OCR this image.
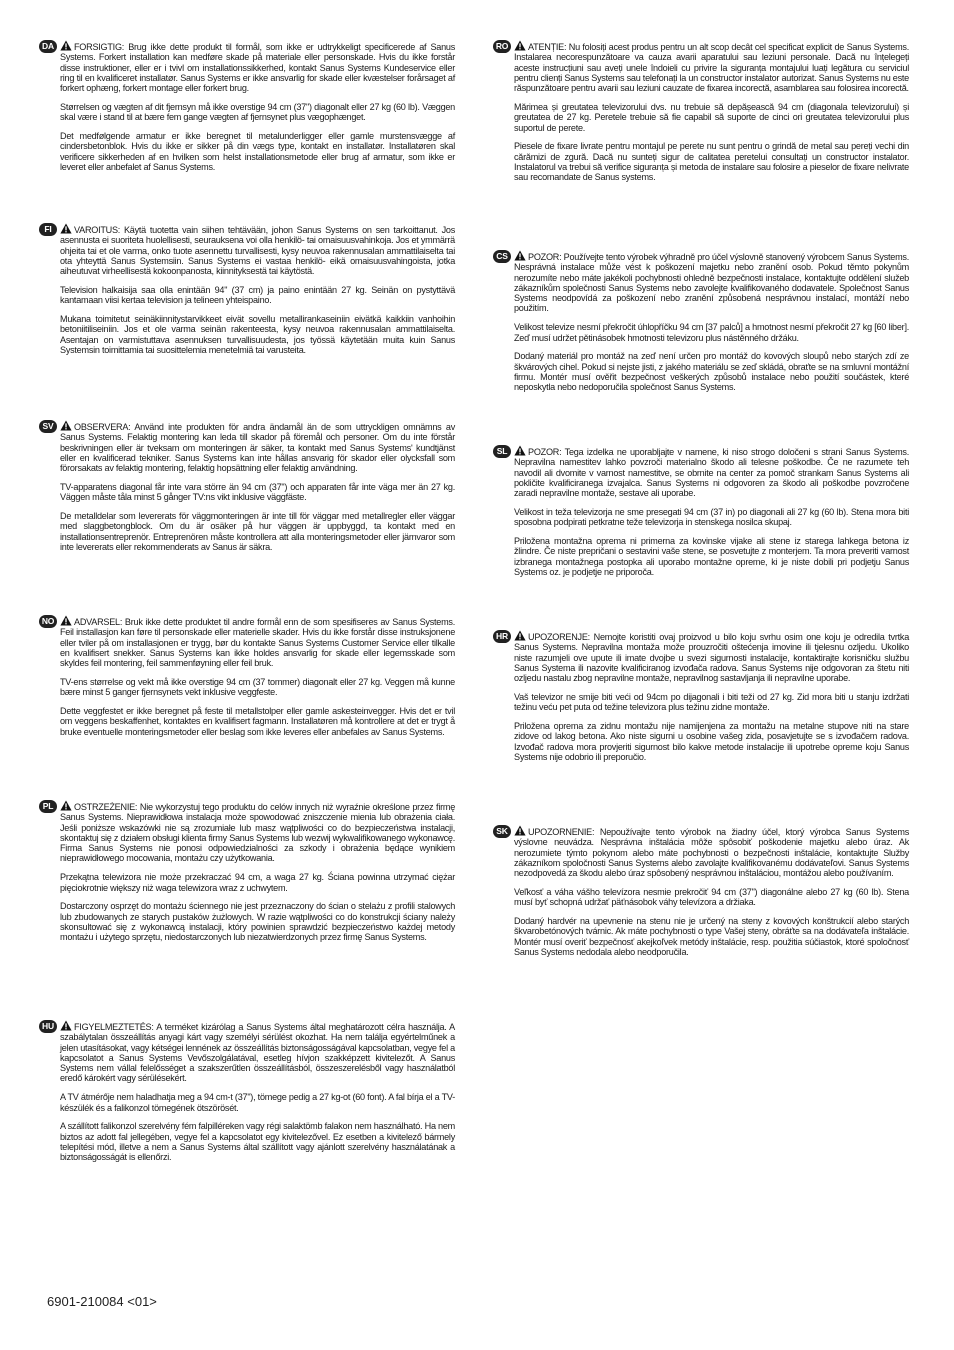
DA	FORSIGTIG: Brug ikke dette produkt til formål, som ikke er udtrykkeligt specificerede af Sanus Systems. Forkert installation kan medføre skade på materiale eller personskade. Hvis du ikke forstår disse instruktioner, eller er i tvivl om installationssikkerhed, kontakt Sanus Systems Kundeservice eller ring til en kvalificeret installatør. Sanus Systems er ikke ansvarlig for skade eller kvæstelser forårsaget af forkert ophæng, forkert montage eller forkert brug.

Størrelsen og vægten af dit fjernsyn må ikke overstige 94 cm (37") diagonalt eller 27 kg (60 lb). Væggen skal være i stand til at bære fem gange vægten af fjernsynet plus vægophænget.

Det medfølgende armatur er ikke beregnet til metalunderligger eller gamle murstensvægge af cindersbetonblok. Hvis du ikke er sikker på din vægs type, kontakt en installatør. Installatøren skal verificere sikkerheden af en hvilken som helst installationsmetode eller brug af armatur, som ikke er leveret eller anbefalet af Sanus Systems.

FI	VAROITUS: Käytä tuotetta vain siihen tehtävään, johon Sanus Systems on sen tarkoittanut. Jos asennusta ei suoriteta huolellisesti, seurauksena voi olla henkilö- tai omaisuusvahinkoja. Jos et ymmärrä ohjeita tai et ole varma, onko tuote asennettu turvallisesti, kysy neuvoa rakennusalan ammattilaiselta tai ota yhteyttä Sanus Systemsiin. Sanus Systems ei vastaa henkilö- eikä omaisuusvahingoista, jotka aiheutuvat virheellisestä kokoonpanosta, kiinnityksestä tai käytöstä.

Television halkaisija saa olla enintään 94" (37 cm) ja paino enintään 27 kg. Seinän on pystyttävä kantamaan viisi kertaa television ja telineen yhteispaino.

Mukana toimitetut seinäkiinnitystarvikkeet eivät sovellu metallirankaseiniin eivätkä kaikkiin vanhoihin betoniitiliseiniin. Jos et ole varma seinän rakenteesta, kysy neuvoa rakennusalan ammattilaiselta. Asentajan on varmistuttava asennuksen turvallisuudesta, jos työssä käytetään muita kuin Sanus Systemsin toimittamia tai suosittelemia menetelmiä tai varusteita.

SV	OBSERVERA: Använd inte produkten för andra ändamål än de som uttryckligen omnämns av Sanus Systems. Felaktig montering kan leda till skador på föremål och personer. Om du inte förstår beskrivningen eller är tveksam om monteringen är säker, ta kontakt med Sanus Systems' kundtjänst eller en kvalificerad tekniker. Sanus Systems kan inte hållas ansvarig för skador eller olycksfall som förorsakats av felaktig montering, felaktig hopsättning eller felaktig användning.

TV-apparatens diagonal får inte vara större än 94 cm (37") och apparaten får inte väga mer än 27 kg. Väggen måste tåla minst 5 gånger TV:ns vikt inklusive väggfäste.

De metalldelar som levererats för väggmonteringen är inte till för väggar med metallregler eller väggar med slaggbetongblock. Om du är osäker på hur väggen är uppbyggd, ta kontakt med en installationsentreprenör. Entreprenören måste kontrollera att alla monteringsmetoder eller järnvaror som inte levererats eller rekommenderats av Sanus är säkra.

NO	ADVARSEL: Bruk ikke dette produktet til andre formål enn de som spesifiseres av Sanus Systems. Feil installasjon kan føre til personskade eller materielle skader. Hvis du ikke forstår disse instruksjonene eller tviler på om installasjonen er trygg, bør du kontakte Sanus Systems Customer Service eller tilkalle en kvalifisert snekker. Sanus Systems kan ikke holdes ansvarlig for skade eller legemsskade som skyldes feil montering, feil sammenføyning eller feil bruk.

TV-ens størrelse og vekt må ikke overstige 94 cm (37 tommer) diagonalt eller 27 kg. Veggen må kunne bære minst 5 ganger fjernsynets vekt inklusive veggfeste.

Dette veggfestet er ikke beregnet på feste til metallstolper eller gamle askesteinvegger. Hvis det er tvil om veggens beskaffenhet, kontaktes en kvalifisert fagmann. Installatøren må kontrollere at det er trygt å bruke eventuelle monteringsmetoder eller beslag som ikke leveres eller anbefales av Sanus Systems.

PL	OSTRZEŻENIE: Nie wykorzystuj tego produktu do celów innych niż wyraźnie określone przez firmę Sanus Systems. Nieprawidłowa instalacja może spowodować zniszczenie mienia lub obrażenia ciała. Jeśli poniższe wskazówki nie są zrozumiałe lub masz wątpliwości co do bezpieczeństwa instalacji, skontaktuj się z działem obsługi klienta firmy Sanus Systems lub wezwij wykwalifikowanego wykonawcę. Firma Sanus Systems nie ponosi odpowiedzialności za szkody i obrażenia będące wynikiem nieprawidłowego mocowania, montażu czy użytkowania.

Przekątna telewizora nie może przekraczać 94 cm, a waga 27 kg. Ściana powinna utrzymać ciężar pięciokrotnie większy niż waga telewizora wraz z uchwytem.

Dostarczony osprzęt do montażu ściennego nie jest przeznaczony do ścian o stelażu z profili stalowych lub zbudowanych ze starych pustaków żużlowych. W razie wątpliwości co do konstrukcji ściany należy skonsultować się z wykonawcą instalacji, który powinien sprawdzić bezpieczeństwo każdej metody montażu i użytego sprzętu, niedostarczonych lub niezatwierdzonych przez firmę Sanus Systems.

HU	FIGYELMEZTETÉS: A terméket kizárólag a Sanus Systems által meghatározott célra használja. A szabálytalan összeállítás anyagi kárt vagy személyi sérülést okozhat. Ha nem találja egyértelműnek a jelen utasításokat, vagy kétségei lennének az összeállítás biztonságosságával kapcsolatban, vegye fel a kapcsolatot a Sanus Systems Vevőszolgálatával, esetleg hívjon szakképzett kivitelezőt. A Sanus Systems nem vállal felelősséget a szakszerűtlen összeállításból, összeszerelésből vagy használatból eredő károkért vagy sérülésekért.

A TV átmérője nem haladhatja meg a 94 cm-t (37"), tömege pedig a 27 kg-ot (60 font). A fal bírja el a TV-készülék és a falikonzol tömegének ötszörösét.

A szállított falikonzol szerelvény fém falpilléreken vagy régi salaktömb falakon nem használható. Ha nem biztos az adott fal jellegében, vegye fel a kapcsolatot egy kivitelezővel. Ez esetben a kivitelező bármely telepítési mód, illetve a nem a Sanus Systems által szállított vagy ajánlott szerelvény használatának a biztonságosságát is ellenőrzi.

RO	ATENȚIE: Nu folosiți acest produs pentru un alt scop decât cel specificat explicit de Sanus Systems. Instalarea necorespunzătoare va cauza avarii aparatului sau leziuni personale. Dacă nu înțelegeți aceste instrucțiuni sau aveți unele îndoieli cu privire la siguranța montajului luați legătura cu serviciul pentru clienți Sanus Systems sau telefonați la un constructor instalator autorizat. Sanus Systems nu este răspunzătoare pentru avarii sau leziuni cauzate de fixarea incorectă, asamblarea sau folosirea incorectă.

Mărimea și greutatea televizorului dvs. nu trebuie să depășească 94 cm (diagonala televizorului) și greutatea de 27 kg. Peretele trebuie să fie capabil să suporte de cinci ori greutatea televizorului plus suportul de perete.

Piesele de fixare livrate pentru montajul pe perete nu sunt pentru o grindă de metal sau pereți vechi din cărămizi de zgură. Dacă nu sunteți sigur de calitatea peretelui consultați un constructor instalator. Instalatorul va trebui să verifice siguranța și metoda de instalare sau folosire a pieselor de fixare nelivrate sau recomandate de Sanus systems.

CS	POZOR: Používejte tento výrobek výhradně pro účel výslovně stanovený výrobcem Sanus Systems. Nesprávná instalace může vést k poškození majetku nebo zranění osob. Pokud těmto pokynům nerozumíte nebo máte jakékoli pochybnosti ohledně bezpečnosti instalace, kontaktujte oddělení služeb zákazníkům společnosti Sanus Systems nebo zavolejte kvalifikovaného dodavatele. Společnost Sanus Systems neodpovídá za poškození nebo zranění způsobená nesprávnou instalací, montáží nebo použitím.

Velikost televize nesmí překročit úhlopříčku 94 cm [37 palců] a hmotnost nesmí překročit 27 kg [60 liber]. Zeď musí udržet pětinásobek hmotnosti televizoru plus nástěnného držáku.

Dodaný materiál pro montáž na zeď není určen pro montáž do kovových sloupů nebo starých zdí ze škvárových cihel. Pokud si nejste jisti, z jakého materiálu se zeď skládá, obraťte se na smluvní montážní firmu. Montér musí ověřit bezpečnost veškerých způsobů instalace nebo použití součástek, které neposkytla nebo nedoporučila společnost Sanus Systems.

SL	POZOR: Tega izdelka ne uporabljajte v namene, ki niso strogo določeni s strani Sanus Systems. Nepravilna namestitev lahko povzroči materialno škodo ali telesne poškodbe. Če ne razumete teh navodil ali dvomite v varnost namestitve, se obrnite na center za pomoč strankam Sanus Systems ali pokličite kvalificiranega izvajalca. Sanus Systems ni odgovoren za škodo ali poškodbe povzročene zaradi nepravilne montaže, sestave ali uporabe.

Velikost in teža televizorja ne sme presegati 94 cm (37 in) po diagonali ali 27 kg (60 lb). Stena mora biti sposobna podpirati petkratne teže televizorja in stenskega nosilca skupaj.

Priložena montažna oprema ni primerna za kovinske vijake ali stene iz starega lahkega betona iz žlindre. Če niste prepričani o sestavini vaše stene, se posvetujte z monterjem. Ta mora preveriti varnost izbranega montažnega postopka ali uporabo montažne opreme, ki je niste dobili pri podjetju Sanus Systems oz. je podjetje ne priporoča.

HR	UPOZORENJE: Nemojte koristiti ovaj proizvod u bilo koju svrhu osim one koju je odredila tvrtka Sanus Systems. Nepravilna montaža može prouzročiti oštećenja imovine ili tjelesnu ozljedu. Ukoliko niste razumjeli ove upute ili imate dvojbe u svezi sigurnosti instalacije, kontaktirajte korisničku službu Sanus Systema ili nazovite kvalificiranog izvođača radova. Sanus Systems nije odgovoran za štetu niti ozljedu nastalu zbog nepravilne montaže, nepravilnog sastavljanja ili nepravilne uporabe.

Vaš televizor ne smije biti veći od 94cm po dijagonali i biti teži od 27 kg. Zid mora biti u stanju izdržati težinu veću pet puta od težine televizora plus težinu zidne montaže.

Priložena oprema za zidnu montažu nije namijenjena za montažu na metalne stupove niti na stare zidove od lakog betona. Ako niste sigurni u osobine vašeg zida, posavjetujte se s izvođačem radova. Izvođač radova mora provjeriti sigurnost bilo kakve metode instalacije ili upotrebe opreme koju Sanus Systems nije odobrio ili preporučio.

SK	UPOZORNENIE: Nepoužívajte tento výrobok na žiadny účel, ktorý výrobca Sanus Systems výslovne neuvádza. Nesprávna inštalácia môže spôsobiť poškodenie majetku alebo úraz. Ak nerozumiete týmto pokynom alebo máte pochybnosti o bezpečnosti inštalácie, kontaktujte Služby zákazníkom spoločnosti Sanus Systems alebo zavolajte kvalifikovanému dodávateľovi. Sanus Systems nezodpovedá za škodu alebo úraz spôsobený nesprávnou inštaláciou, montážou alebo používaním.

Veľkosť a váha vášho televízora nesmie prekročiť 94 cm (37") diagonálne alebo 27 kg (60 lb). Stena musí byť schopná udržať päťnásobok váhy televízora a držiaka.

Dodaný hardvér na upevnenie na stenu nie je určený na steny z kovových konštrukcií alebo starých škvarobetónových tvárnic. Ak máte pochybnosti o type Vašej steny, obráťte sa na dodávateľa inštalácie. Montér musí overiť bezpečnosť akejkoľvek metódy inštalácie, resp. použitia súčiastok, ktoré spoločnosť Sanus Systems nedodala alebo neodporučila.

6901-210084 <01>
